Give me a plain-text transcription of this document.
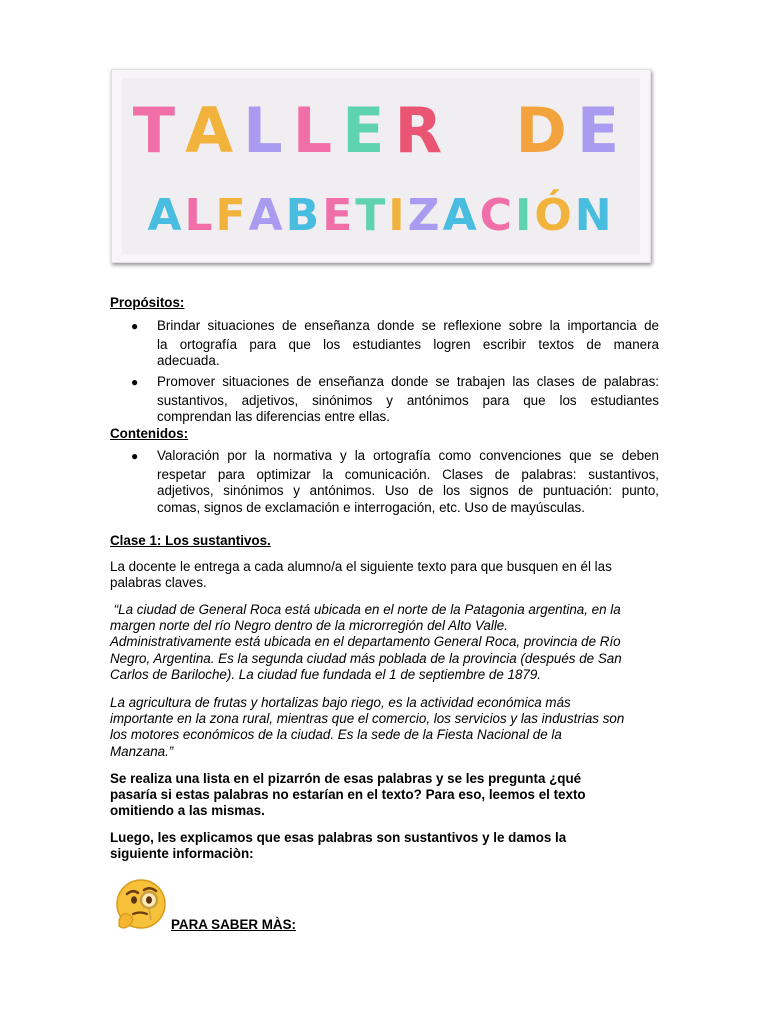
TALLER DE
ALFABETIZACIÓN
Propósitos:
● Brindar situaciones de enseñanza donde se reflexione sobre la importancia de
la ortografía para que los estudiantes logren escribir textos de manera
adecuada.
● Promover situaciones de enseñanza donde se trabajen las clases de palabras:
sustantivos, adjetivos, sinónimos y antónimos para que los estudiantes
comprendan las diferencias entre ellas.
Contenidos:
● Valoración por la normativa y la ortografía como convenciones que se deben
respetar para optimizar la comunicación. Clases de palabras: sustantivos,
adjetivos, sinónimos y antónimos. Uso de los signos de puntuación: punto,
comas, signos de exclamación e interrogación, etc. Uso de mayúsculas.
Clase 1: Los sustantivos.
La docente le entrega a cada alumno/a el siguiente texto para que busquen en él las
palabras claves.
“La ciudad de General Roca está ubicada en el norte de la Patagonia argentina, en la
margen norte del río Negro dentro de la microrregión del Alto Valle.
Administrativamente está ubicada en el departamento General Roca, provincia de Río
Negro, Argentina. Es la segunda ciudad más poblada de la provincia (después de San
Carlos de Bariloche). La ciudad fue fundada el 1 de septiembre de 1879.
La agricultura de frutas y hortalizas bajo riego, es la actividad económica más
importante en la zona rural, mientras que el comercio, los servicios y las industrias son
los motores económicos de la ciudad. Es la sede de la Fiesta Nacional de la
Manzana.”
Se realiza una lista en el pizarrón de esas palabras y se les pregunta ¿qué
pasaría si estas palabras no estarían en el texto? Para eso, leemos el texto
omitiendo a las mismas.
Luego, les explicamos que esas palabras son sustantivos y le damos la
siguiente informaciòn:
PARA SABER MÀS:
